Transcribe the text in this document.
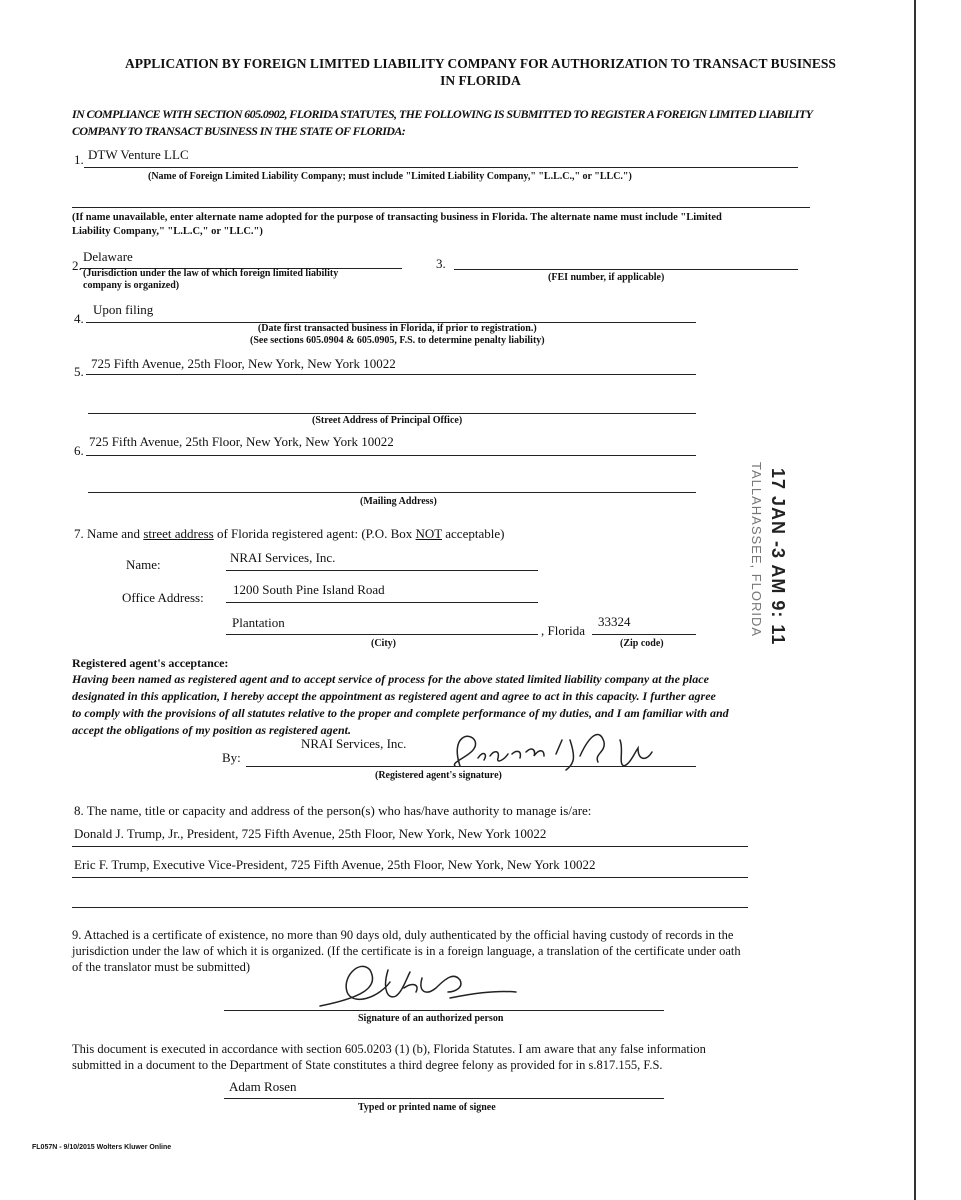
APPLICATION BY FOREIGN LIMITED LIABILITY COMPANY FOR AUTHORIZATION TO TRANSACT BUSINESS
IN FLORIDA
IN COMPLIANCE WITH SECTION 605.0902, FLORIDA STATUTES, THE FOLLOWING IS SUBMITTED TO REGISTER A FOREIGN LIMITED LIABILITY
COMPANY TO TRANSACT BUSINESS IN THE STATE OF FLORIDA:
1. DTW Venture LLC
(Name of Foreign Limited Liability Company; must include "Limited Liability Company," "L.L.C.," or "LLC.")
(If name unavailable, enter alternate name adopted for the purpose of transacting business in Florida. The alternate name must include "Limited
Liability Company," "L.L.C," or "LLC.")
2.
Delaware
(Jurisdiction under the law of which foreign limited liability
company is organized)
3.
(FEI number, if applicable)
4.
Upon filing
(Date first transacted business in Florida, if prior to registration.)
(See sections 605.0904 & 605.0905, F.S. to determine penalty liability)
5.
725 Fifth Avenue, 25th Floor, New York, New York 10022
(Street Address of Principal Office)
6.
725 Fifth Avenue, 25th Floor, New York, New York 10022
(Mailing Address)
7. Name and street address of Florida registered agent: (P.O. Box NOT acceptable)
Name:	NRAI Services, Inc.
Office Address:
1200 South Pine Island Road
Plantation
, Florida
33324
(City)	(Zip code)
Registered agent's acceptance:
Having been named as registered agent and to accept service of process for the above stated limited liability company at the place
designated in this application, I hereby accept the appointment as registered agent and agree to act in this capacity. I further agree
to comply with the provisions of all statutes relative to the proper and complete performance of my duties, and I am familiar with and
accept the obligations of my position as registered agent.
NRAI Services, Inc.
By:
(Registered agent's signature)
8. The name, title or capacity and address of the person(s) who has/have authority to manage is/are:
Donald J. Trump, Jr., President, 725 Fifth Avenue, 25th Floor, New York, New York 10022
Eric F. Trump, Executive Vice-President, 725 Fifth Avenue, 25th Floor, New York, New York 10022
9. Attached is a certificate of existence, no more than 90 days old, duly authenticated by the official having custody of records in the
jurisdiction under the law of which it is organized. (If the certificate is in a foreign language, a translation of the certificate under oath
of the translator must be submitted)
Signature of an authorized person
This document is executed in accordance with section 605.0203 (1) (b), Florida Statutes. I am aware that any false information
submitted in a document to the Department of State constitutes a third degree felony as provided for in s.817.155, F.S.
Adam Rosen
Typed or printed name of signee
FL057N - 9/10/2015 Wolters Kluwer Online
17 JAN -3 AM 9: 11
TALLAHASSEE, FLORIDA
